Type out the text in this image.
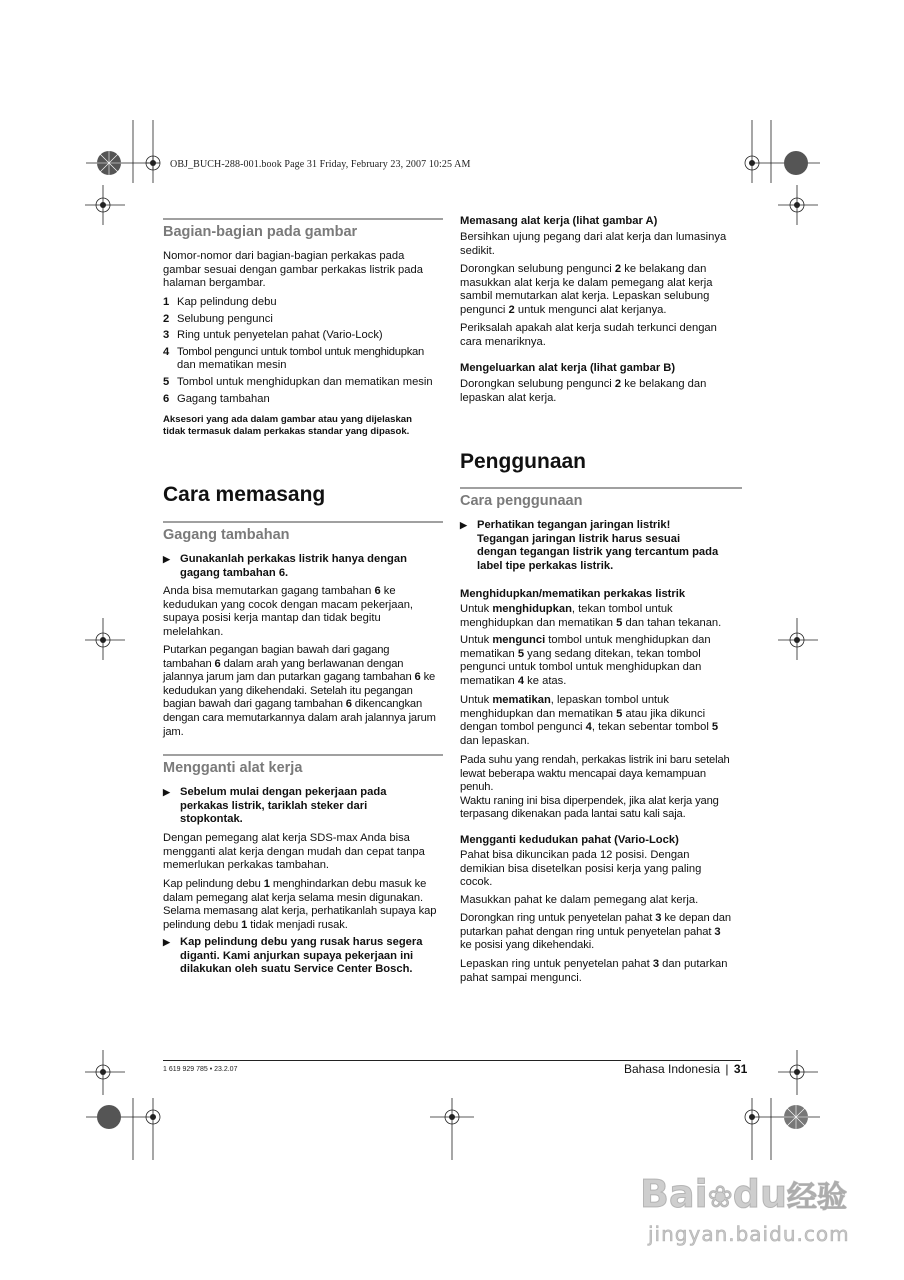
OBJ_BUCH-288-001.book Page 31 Friday, February 23, 2007 10:25 AM
Bagian-bagian pada gambar

Nomor-nomor dari bagian-bagian perkakas pada gambar sesuai dengan gambar perkakas listrik pada halaman bergambar.

1 Kap pelindung debu
2 Selubung pengunci
3 Ring untuk penyetelan pahat (Vario-Lock)
4 Tombol pengunci untuk tombol untuk menghidupkan
dan mematikan mesin
5 Tombol untuk menghidupkan dan mematikan mesin
6 Gagang tambahan
Aksesori yang ada dalam gambar atau yang dijelaskan
tidak termasuk dalam perkakas standar yang dipasok.
Cara memasang
Gagang tambahan
▶ Gunakanlah perkakas listrik hanya dengan
gagang tambahan 6.

Anda bisa memutarkan gagang tambahan 6 ke
kedudukan yang cocok dengan macam pekerjaan,
supaya posisi kerja mantap dan tidak begitu
melelahkan.

Putarkan pegangan bagian bawah dari gagang
tambahan 6 dalam arah yang berlawanan dengan
jalannya jarum jam dan putarkan gagang tambahan 6 ke
kedudukan yang dikehendaki. Setelah itu pegangan
bagian bawah dari gagang tambahan 6 dikencangkan
dengan cara memutarkannya dalam arah jalannya jarum
jam.

Mengganti alat kerja
▶ Sebelum mulai dengan pekerjaan pada
perkakas listrik, tariklah steker dari
stopkontak.

Dengan pemegang alat kerja SDS-max Anda bisa
mengganti alat kerja dengan mudah dan cepat tanpa
memerlukan perkakas tambahan.

Kap pelindung debu 1 menghindarkan debu masuk ke
dalam pemegang alat kerja selama mesin digunakan.
Selama memasang alat kerja, perhatikanlah supaya kap
pelindung debu 1 tidak menjadi rusak.

▶ Kap pelindung debu yang rusak harus segera
diganti. Kami anjurkan supaya pekerjaan ini
dilakukan oleh suatu Service Center Bosch.
Memasang alat kerja (lihat gambar A)

Bersihkan ujung pegang dari alat kerja dan lumasinya
sedikit.

Dorongkan selubung pengunci 2 ke belakang dan
masukkan alat kerja ke dalam pemegang alat kerja
sambil memutarkan alat kerja. Lepaskan selubung
pengunci 2 untuk mengunci alat kerjanya.

Periksalah apakah alat kerja sudah terkunci dengan
cara menariknya.

Mengeluarkan alat kerja (lihat gambar B)

Dorongkan selubung pengunci 2 ke belakang dan
lepaskan alat kerja.

Penggunaan
Cara penggunaan
▶ Perhatikan tegangan jaringan listrik!
Tegangan jaringan listrik harus sesuai
dengan tegangan listrik yang tercantum pada
label tipe perkakas listrik.
Menghidupkan/mematikan perkakas listrik

Untuk menghidupkan, tekan tombol untuk
menghidupkan dan mematikan 5 dan tahan tekanan.

Untuk mengunci tombol untuk menghidupkan dan
mematikan 5 yang sedang ditekan, tekan tombol
pengunci untuk tombol untuk menghidupkan dan
mematikan 4 ke atas.

Untuk mematikan, lepaskan tombol untuk
menghidupkan dan mematikan 5 atau jika dikunci
dengan tombol pengunci 4, tekan sebentar tombol 5
dan lepaskan.

Pada suhu yang rendah, perkakas listrik ini baru setelah
lewat beberapa waktu mencapai daya kemampuan
penuh.
Waktu raning ini bisa diperpendek, jika alat kerja yang
terpasang dikenakan pada lantai satu kali saja.

Mengganti kedudukan pahat (Vario-Lock)

Pahat bisa dikuncikan pada 12 posisi. Dengan
demikian bisa disetelkan posisi kerja yang paling
cocok.

Masukkan pahat ke dalam pemegang alat kerja.

Dorongkan ring untuk penyetelan pahat 3 ke depan dan
putarkan pahat dengan ring untuk penyetelan pahat 3
ke posisi yang dikehendaki.

Lepaskan ring untuk penyetelan pahat 3 dan putarkan
pahat sampai mengunci.

1 619 929 785 • 23.2.07	Bahasa Indonesia | 31
Bai❀du经验
jingyan.baidu.com
